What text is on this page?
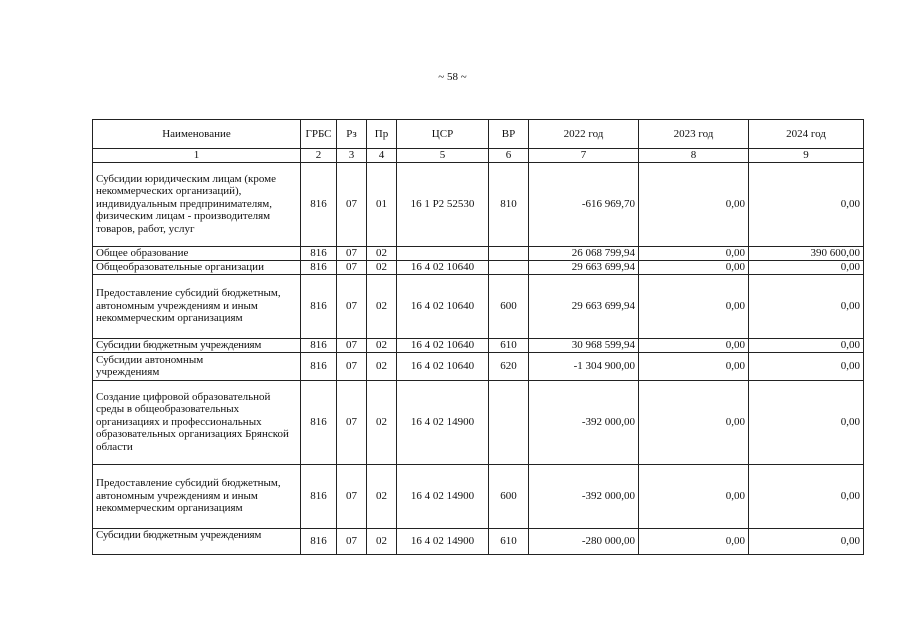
~ 58 ~
Наименование	ГРБС	Рз	Пр	ЦСР	ВР	2022 год	2023 год	2024 год
1	2	3	4	5	6	7	8	9
Субсидии юридическим лицам (кроме некоммерческих организаций), индивидуальным предпринимателям, физическим лицам - производителям товаров, работ, услуг	816	07	01	16 1 P2 52530	810	-616 969,70	0,00	0,00
Общее образование	816	07	02			26 068 799,94	0,00	390 600,00
Общеобразовательные организации	816	07	02	16 4 02 10640		29 663 699,94	0,00	0,00
Предоставление субсидий бюджетным, автономным учреждениям и иным некоммерческим организациям	816	07	02	16 4 02 10640	600	29 663 699,94	0,00	0,00
Субсидии бюджетным учреждениям	816	07	02	16 4 02 10640	610	30 968 599,94	0,00	0,00

Субсидии автономным учреждениям	816	07	02	16 4 02 10640	620	-1 304 900,00	0,00	0,00
Создание цифровой образовательной среды в общеобразовательных организациях и профессиональных образовательных организациях Брянской области	816	07	02	16 4 02 14900		-392 000,00	0,00	0,00
Предоставление субсидий бюджетным, автономным учреждениям и иным некоммерческим организациям	816	07	02	16 4 02 14900	600	-392 000,00	0,00	0,00
Субсидии бюджетным учреждениям	816	07	02	16 4 02 14900	610	-280 000,00	0,00	0,00
